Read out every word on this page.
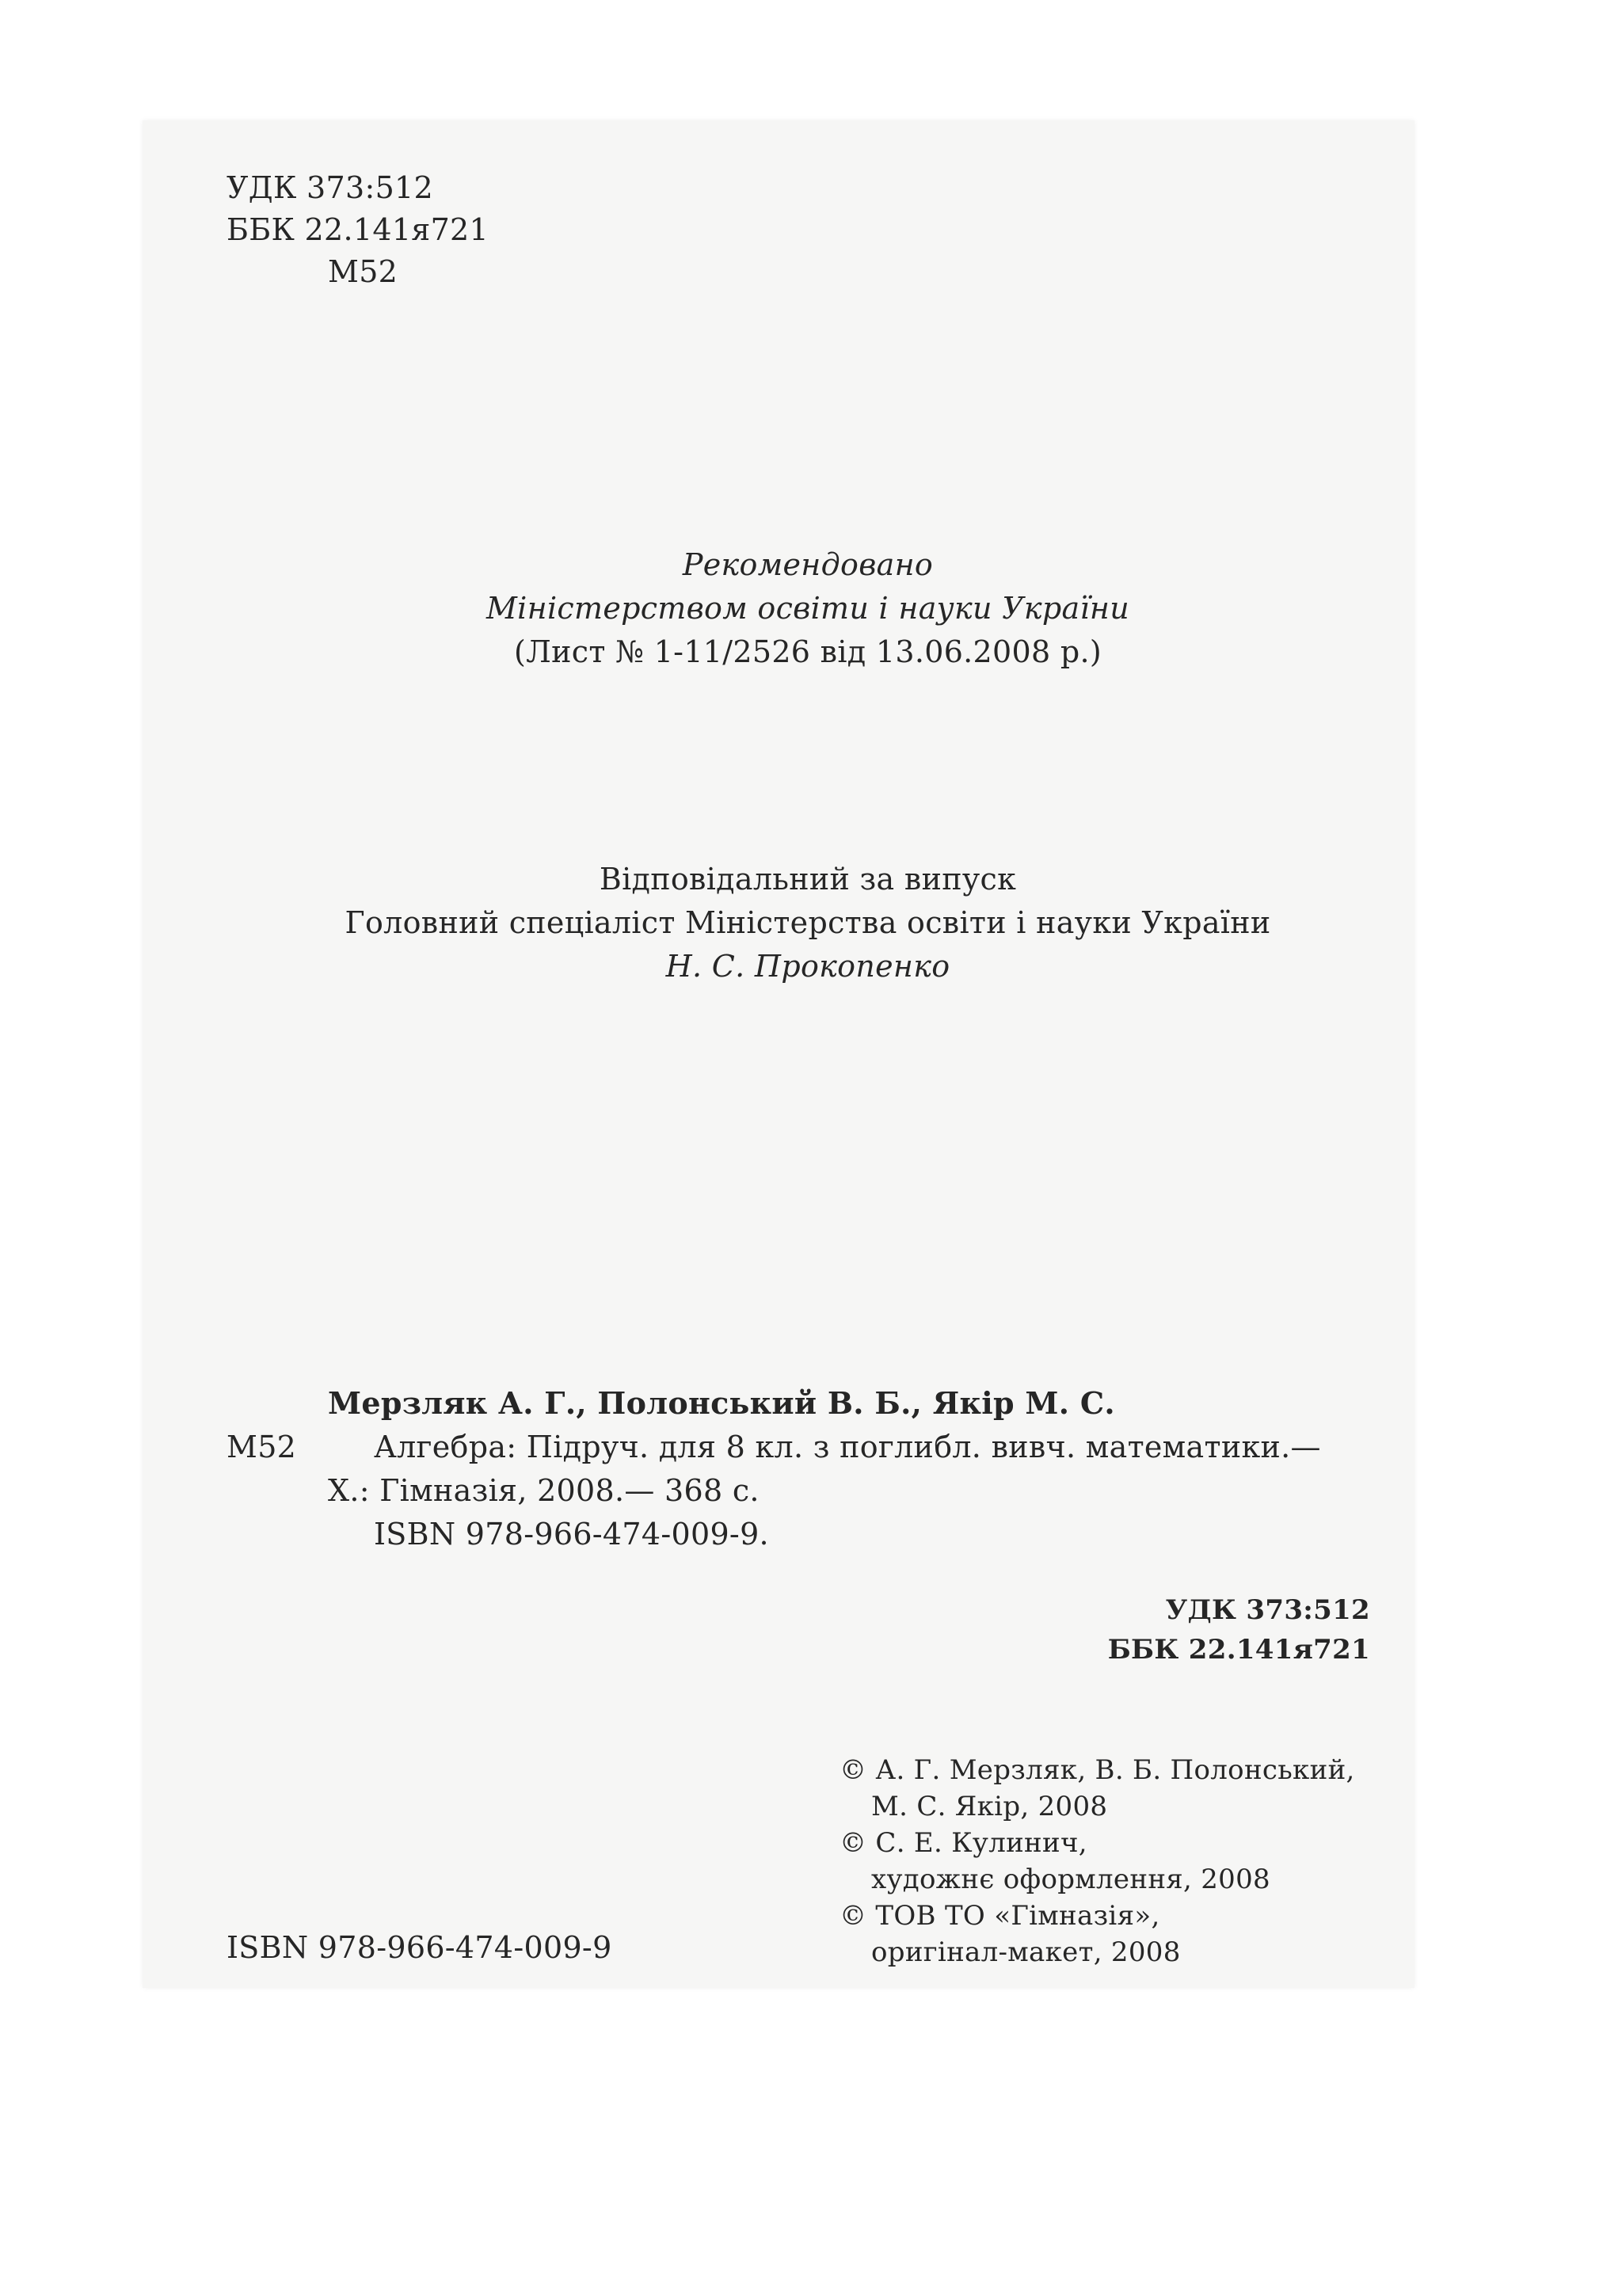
УДК 373:512
ББК 22.141я721
М52
Рекомендовано
Міністерством освіти і науки України
(Лист № 1-11/2526 від 13.06.2008 р.)
Відповідальний за випуск
Головний спеціаліст Міністерства освіти і науки України
Н. С. Прокопенко
Мерзляк А. Г., Полонський В. Б., Якір М. С.
М52	Алгебра: Підруч. для 8 кл. з поглибл. вивч. математики.—
Х.: Гімназія, 2008.— 368 с.
ISBN 978-966-474-009-9.
УДК 373:512
ББК 22.141я721
© А. Г. Мерзляк, В. Б. Полонський,
М. С. Якір, 2008
© С. Е. Кулинич,
художнє оформлення, 2008
© ТОВ ТО «Гімназія»,
оригінал-макет, 2008
ISBN 978-966-474-009-9
